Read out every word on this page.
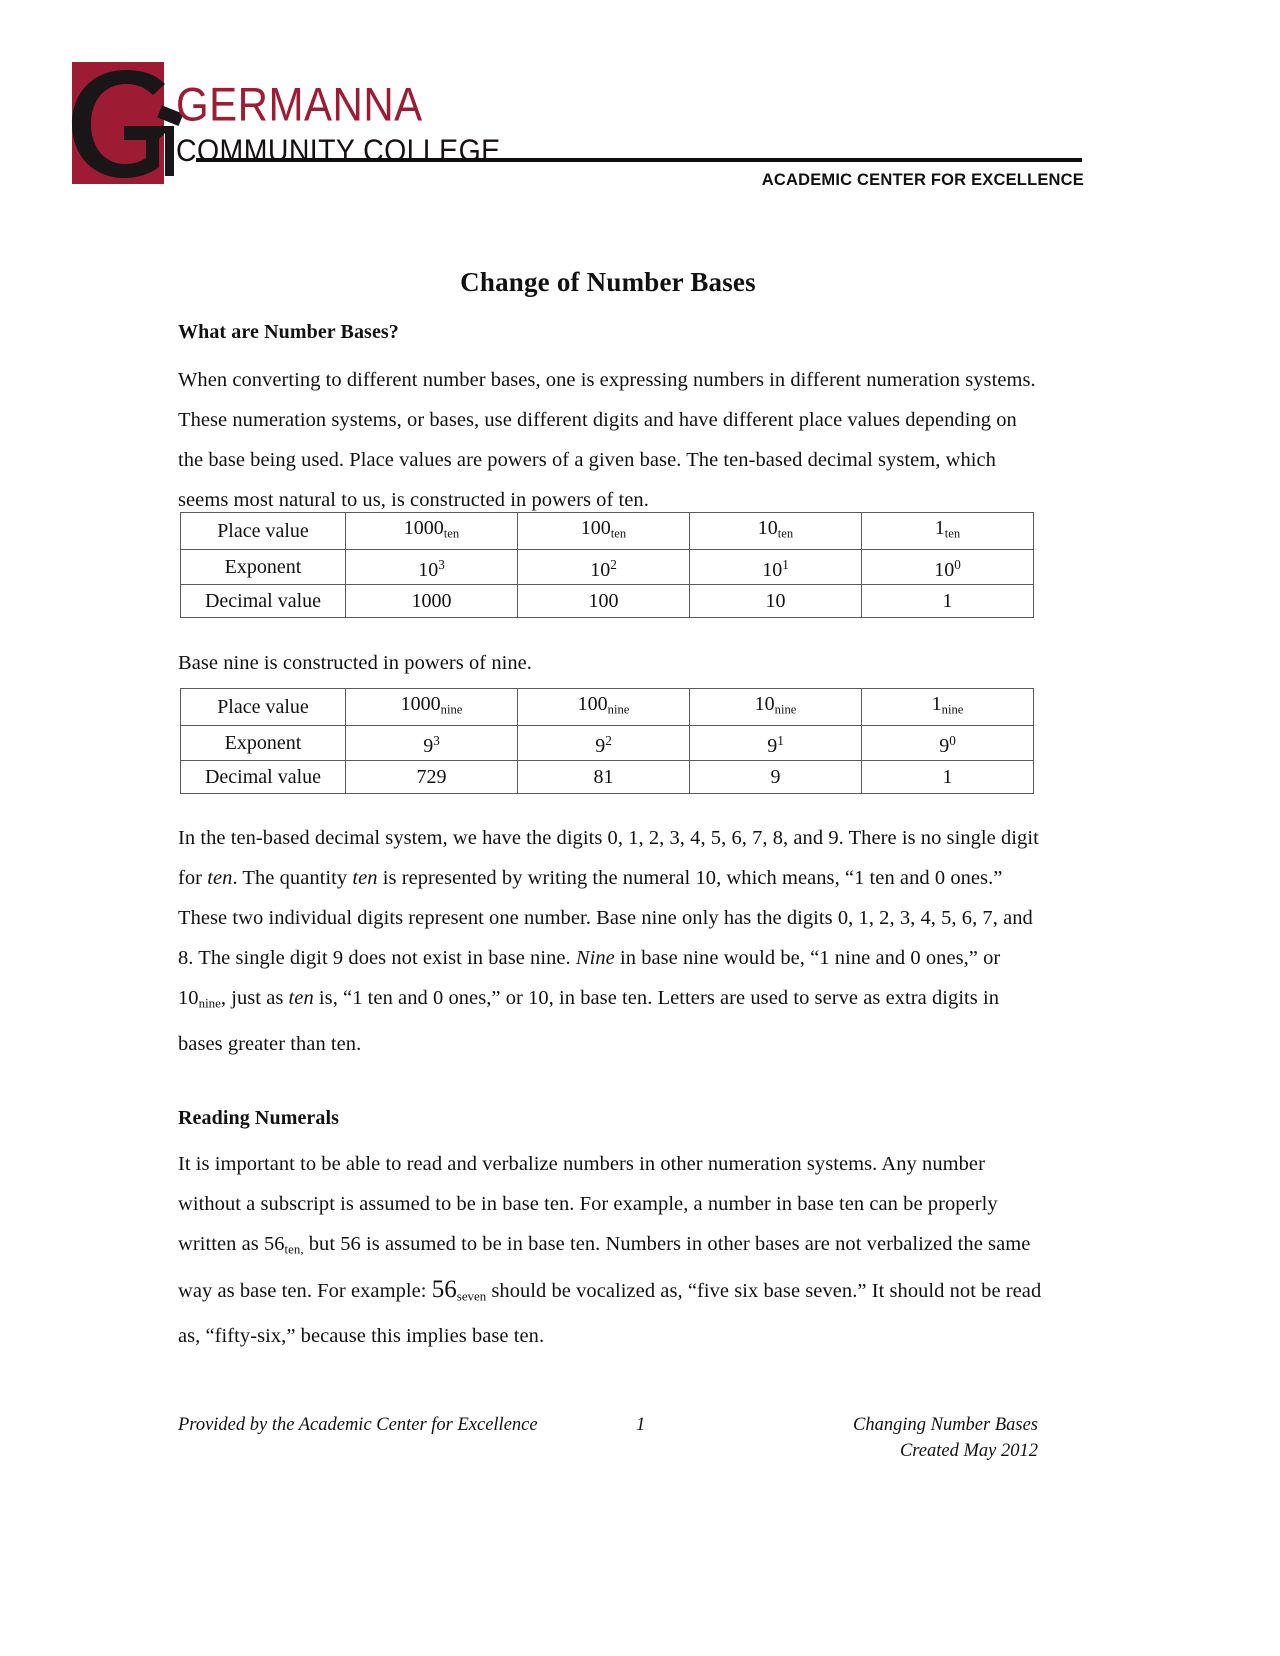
GERMANNA
COMMUNITY COLLEGE
ACADEMIC CENTER FOR EXCELLENCE
Change of Number Bases
What are Number Bases?

When converting to different number bases, one is expressing numbers in different numeration systems. These numeration systems, or bases, use different digits and have different place values depending on the base being used. Place values are powers of a given base. The ten-based decimal system, which seems most natural to us, is constructed in powers of ten.

Place value	$1000_{ten}$	$100_{ten}$	$10_{ten}$	$1_{ten}$
Exponent	$10^3$	$10^2$	$10^1$	$10^0$
Decimal value	1000	100	10	1

Base nine is constructed in powers of nine.

Place value	$1000_{nine}$	$100_{nine}$	$10_{nine}$	$1_{nine}$
Exponent	$9^3$	$9^2$	$9^1$	$9^0$
Decimal value	729	81	9	1

In the ten-based decimal system, we have the digits 0, 1, 2, 3, 4, 5, 6, 7, 8, and 9. There is no single digit for ten. The quantity ten is represented by writing the numeral 10, which means, “1 ten and 0 ones.” These two individual digits represent one number. Base nine only has the digits 0, 1, 2, 3, 4, 5, 6, 7, and 8. The single digit 9 does not exist in base nine. Nine in base nine would be, “1 nine and 0 ones,” or $10_{nine}$, just as ten is, “1 ten and 0 ones,” or 10, in base ten. Letters are used to serve as extra digits in bases greater than ten.

Reading Numerals

It is important to be able to read and verbalize numbers in other numeration systems. Any number without a subscript is assumed to be in base ten. For example, a number in base ten can be properly written as $56_{ten,}$ but 56 is assumed to be in base ten. Numbers in other bases are not verbalized the same way as base ten. For example: $56_{seven}$ should be vocalized as, “five six base seven.” It should not be read as, “fifty-six,” because this implies base ten.

Provided by the Academic Center for Excellence	1	Changing Number Bases
Created May 2012
